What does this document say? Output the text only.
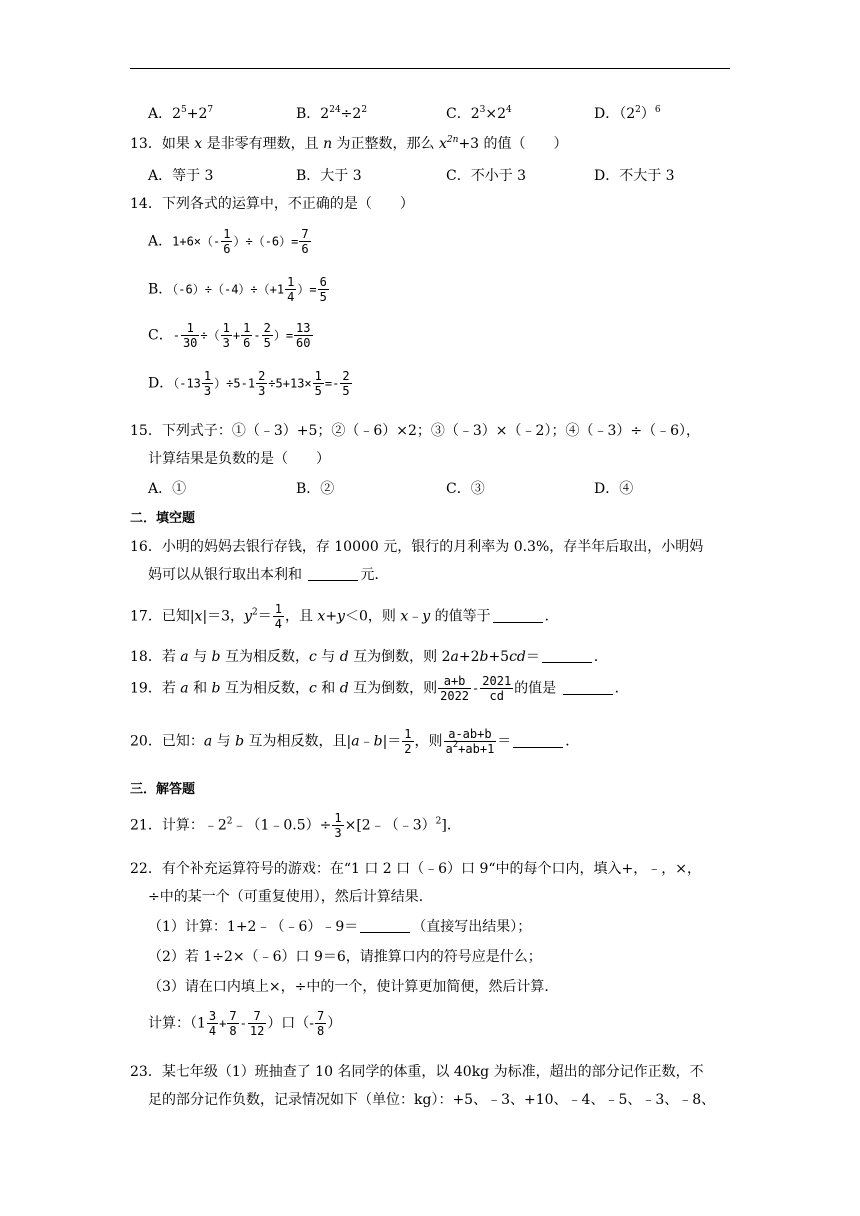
A．$2^5+2^7$	B．$2^{24}\div 2^2$	C．$2^3\times 2^4$	D．$(2^2)^6$
13．如果 x 是非零有理数，且 n 为正整数，那么 $x^{2n}+3$ 的值（　　）
A．等于 3	B．大于 3	C．不小于 3	D．不大于 3
14．下列各式的运算中，不正确的是（　　）
A．$1+6\times(- \frac{1}{6} )\div(-6)= \frac{7}{6}$
B．$(-6)\div(-4)\div(+1 \frac{1}{4}$ ）= $\frac{6}{5}$
C．- $\frac{1}{30}$ ÷（ $\frac{1}{3} + \frac{1}{6} - \frac{2}{5}$ ）= $\frac{13}{60}$
D．$(-13 \frac{1}{3} )\div 5-1 \frac{2}{3} \div 5+13\times \frac{1}{5} =- \frac{2}{5}$
15．下列式子：①（﹣3）+5；②（﹣6）×2；③（﹣3）×（﹣2）；④（﹣3）÷（﹣6），
计算结果是负数的是（　　）
A．①	B．②	C．③	D．④
二．填空题
16．小明的妈妈去银行存钱，存 10000 元，银行的月利率为 0.3%，存半年后取出，小明妈
妈可以从银行取出本利和	元．
17．已知|x|＝3，$y^2= \frac{1}{4}$ ，且 x+y＜0，则 x﹣y 的值等于	．
18．若 a 与 b 互为相反数，c 与 d 互为倒数，则 2a+2b+5cd＝	．
19．若 a 和 b 互为相反数，c 和 d 互为倒数，则 $\frac{a+b}{2022} - \frac{2021}{cd}$ 的值是	．
20．已知：a 与 b 互为相反数，且|a﹣b|＝ $\frac{1}{2}$ ，则 $\frac{a-ab+b}{a^2+ab+1}$ ＝	．
三．解答题
21．计算：$﹣2^2﹣(1﹣0.5)\div \frac{1}{3}$ ×[2﹣（﹣3）$^2$]．
22．有个补充运算符号的游戏：在“1 口 2 口（﹣6）口 9“中的每个口内，填入+，﹣，×，
÷中的某一个（可重复使用），然后计算结果．
（1）计算：1+2﹣（﹣6）﹣9＝	（直接写出结果）；
（2）若 1÷2×（﹣6）口 9＝6，请推算口内的符号应是什么；
（3）请在口内填上×，÷中的一个，使计算更加简便，然后计算．
计算：（$1 \frac{3}{4} + \frac{7}{8} - \frac{7}{12}$ ）口（- $\frac{7}{8}$ ）
23．某七年级（1）班抽查了 10 名同学的体重，以 40kg 为标准，超出的部分记作正数，不
足的部分记作负数，记录情况如下（单位：kg）：+5、﹣3、+10、﹣4、﹣5、﹣3、﹣8、
